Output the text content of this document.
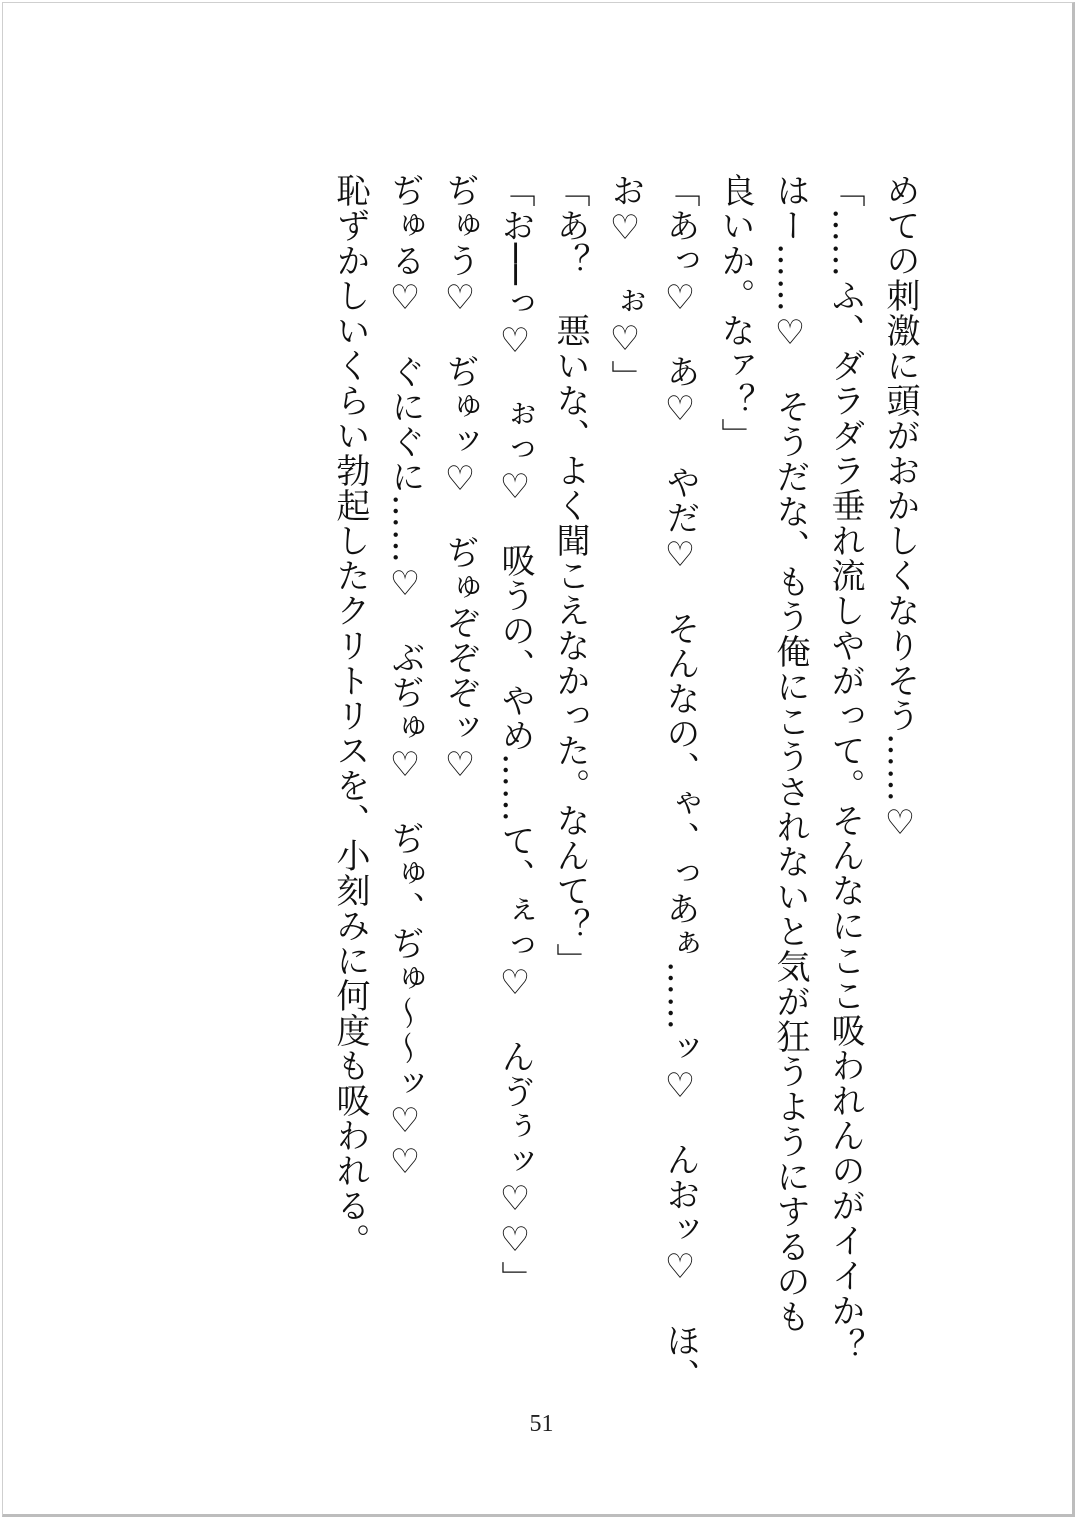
めての刺激に頭がおかしくなりそう……♡
「……ふ、ダラダラ垂れ流しやがって。そんなにここ吸われんのがイイか？
はー……♡　そうだな、もう俺にこうされないと気が狂うようにするのも
良いか。なァ？」
「あっ♡　あ♡　やだ♡　そんなの、ゃ、っあぁ……ッ♡　んおッ♡　ほ、
お♡　ぉ♡」
「あ？　悪いな、よく聞こえなかった。なんて？」
「お──っ♡　ぉっ♡　吸うの、やめ……て、ぇっ♡　んゔぅッ♡♡」
ぢゅう♡　ぢゅッ♡　ぢゅぞぞぞッ♡
ぢゅる♡　ぐにぐに……♡　ぶぢゅ♡　ぢゅ、ぢゅ〜〜ッ♡♡
恥ずかしいくらい勃起したクリトリスを、小刻みに何度も吸われる。
51
